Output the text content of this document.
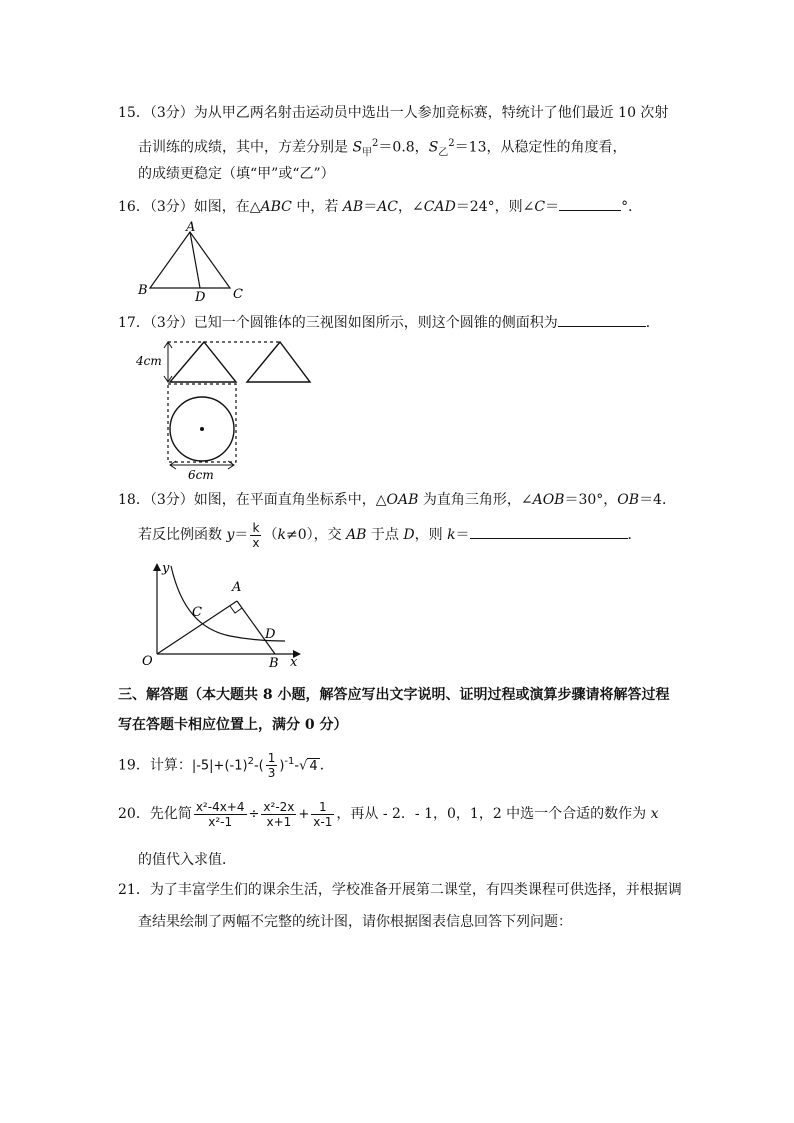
15．（3分）为从甲乙两名射击运动员中选出一人参加竞标赛，特统计了他们最近 10 次射
击训练的成绩，其中，方差分别是 $S_甲^2=0.8$，$S_乙^2=13$，从稳定性的角度看，
的成绩更稳定（填“甲”或“乙”）
16．（3分）如图，在△ABC 中，若 AB＝AC，∠CAD＝24°，则∠C＝	°．
A
B	C
D
17．（3分）已知一个圆锥体的三视图如图所示，则这个圆锥的侧面积为	．
4cm
6cm
18．（3分）如图，在平面直角坐标系中，△OAB 为直角三角形，∠AOB＝30°，OB＝4．
若反比例函数 $y= \frac{k}{x} (k\ne 0)$，交 AB 于点 D，则 k＝	．
y
x
O
A
B
C
D
三、解答题（本大题共 8 小题，解答应写出文字说明、证明过程或演算步骤请将解答过程
写在答题卡相应位置上，满分 0 分）
19．计算：$|-5|+(-1)^2-( \frac{1}{3} )^{-1}-√$ 4 ．
20．先化简 $\frac{\text{x²-4x+4}}{\text{x²-1}} \div \frac{\text{x²-2x}}{x+1} + \frac{1}{x-1}$ ，再从 - 2．- 1，0，1，2 中选一个合适的数作为 x
的值代入求值．
21．为了丰富学生们的课余生活，学校准备开展第二课堂，有四类课程可供选择，并根据调
查结果绘制了两幅不完整的统计图，请你根据图表信息回答下列问题：
